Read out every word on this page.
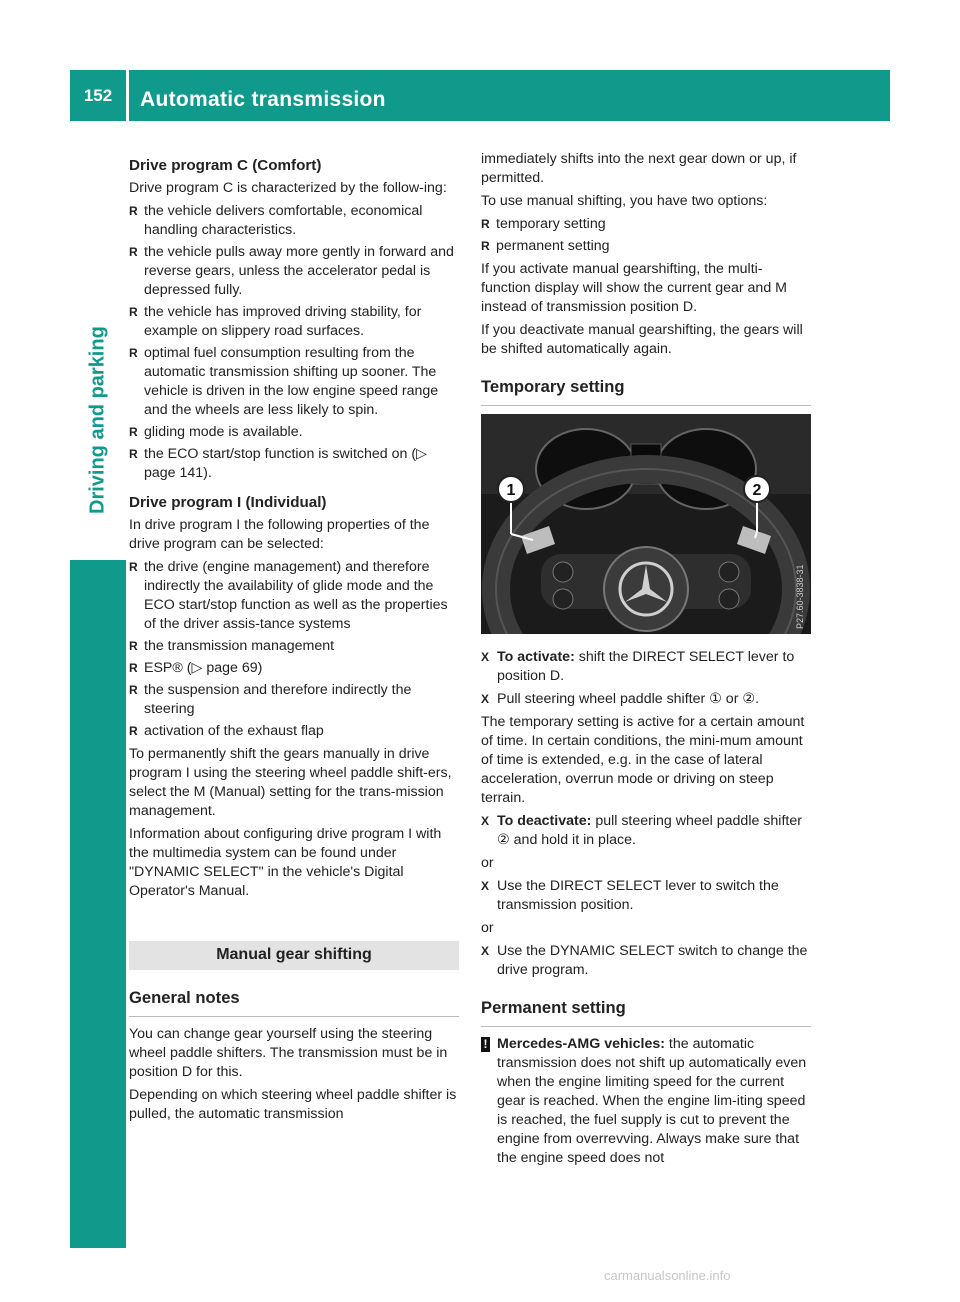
152	Automatic transmission
Driving and parking
Drive program C (Comfort)

Drive program C is characterized by the follow-ing:

R the vehicle delivers comfortable, economical handling characteristics.
R the vehicle pulls away more gently in forward and reverse gears, unless the accelerator pedal is depressed fully.
R the vehicle has improved driving stability, for example on slippery road surfaces.
R optimal fuel consumption resulting from the automatic transmission shifting up sooner. The vehicle is driven in the low engine speed range and the wheels are less likely to spin.
R gliding mode is available.
R the ECO start/stop function is switched on (▷ page 141).
Drive program I (Individual)

In drive program I the following properties of the drive program can be selected:

R the drive (engine management) and therefore indirectly the availability of glide mode and the ECO start/stop function as well as the properties of the driver assis-tance systems
R the transmission management
R ESP® (▷ page 69)
R the suspension and therefore indirectly the steering
R activation of the exhaust flap

To permanently shift the gears manually in drive program I using the steering wheel paddle shift-ers, select the M (Manual) setting for the trans-mission management.

Information about configuring drive program I with the multimedia system can be found under "DYNAMIC SELECT" in the vehicle's Digital Operator's Manual.

Manual gear shifting
General notes

You can change gear yourself using the steering wheel paddle shifters. The transmission must be in position D for this.

Depending on which steering wheel paddle shifter is pulled, the automatic transmission

immediately shifts into the next gear down or up, if permitted.

To use manual shifting, you have two options:

R temporary setting
R permanent setting

If you activate manual gearshifting, the multi-function display will show the current gear and M instead of transmission position D.

If you deactivate manual gearshifting, the gears will be shifted automatically again.

Temporary setting
1	2
P27.60-3838-31
X To activate: shift the DIRECT SELECT lever to position D.
X Pull steering wheel paddle shifter ① or ②.

The temporary setting is active for a certain amount of time. In certain conditions, the mini-mum amount of time is extended, e.g. in the case of lateral acceleration, overrun mode or driving on steep terrain.

X To deactivate: pull steering wheel paddle shifter ② and hold it in place.

or

X Use the DIRECT SELECT lever to switch the transmission position.

or

X Use the DYNAMIC SELECT switch to change the drive program.
Permanent setting
! Mercedes-AMG vehicles: the automatic transmission does not shift up automatically even when the engine limiting speed for the current gear is reached. When the engine lim-iting speed is reached, the fuel supply is cut to prevent the engine from overrevving. Always make sure that the engine speed does not
carmanualsonline.info
